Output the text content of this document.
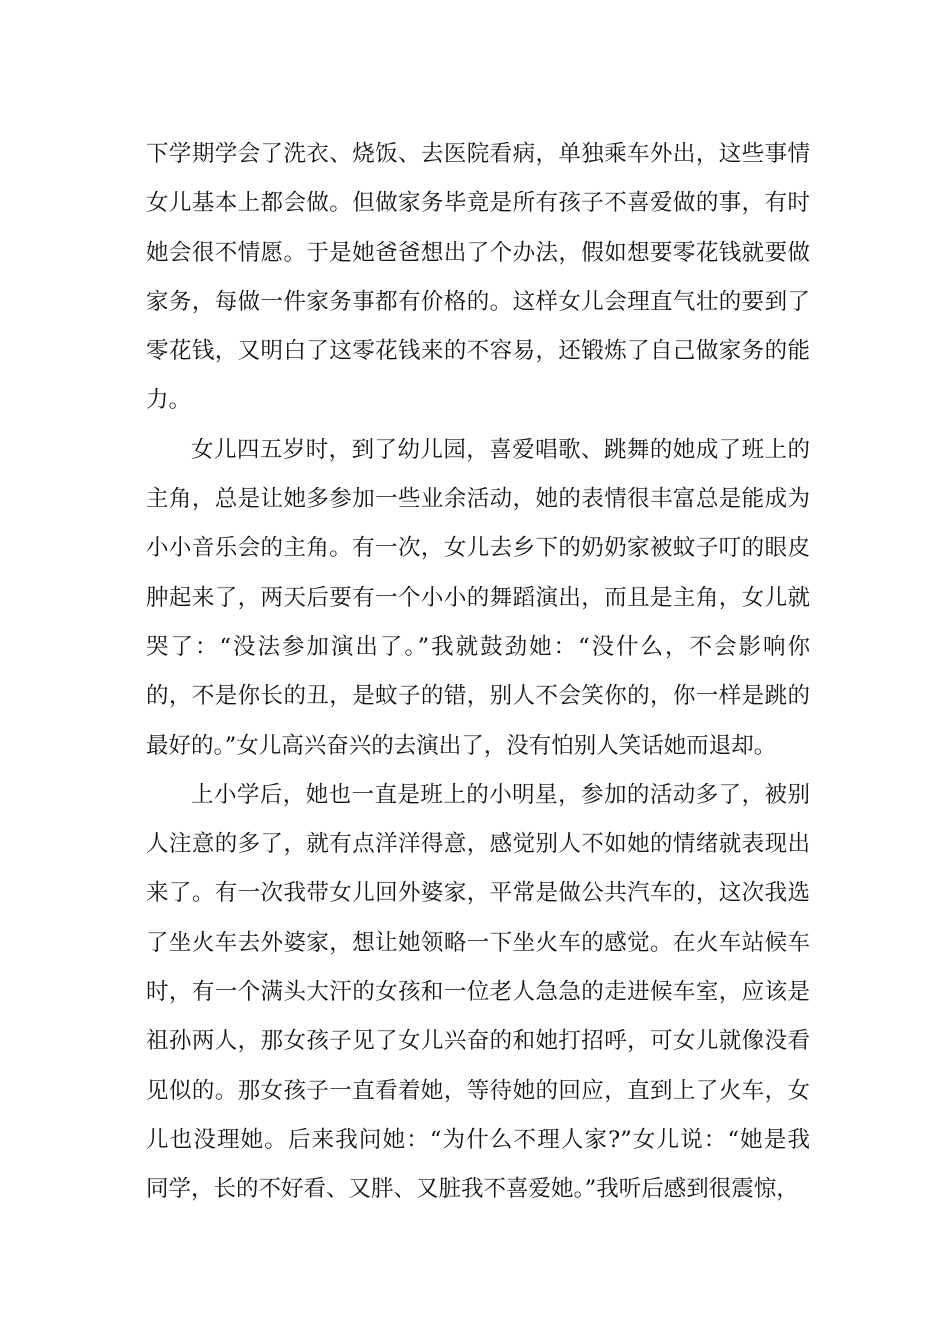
下学期学会了洗衣、烧饭、去医院看病，单独乘车外出，这些事情
女儿基本上都会做。但做家务毕竟是所有孩子不喜爱做的事，有时
她会很不情愿。于是她爸爸想出了个办法，假如想要零花钱就要做
家务，每做一件家务事都有价格的。这样女儿会理直气壮的要到了
零花钱，又明白了这零花钱来的不容易，还锻炼了自己做家务的能
力。
女儿四五岁时，到了幼儿园，喜爱唱歌、跳舞的她成了班上的
主角，总是让她多参加一些业余活动，她的表情很丰富总是能成为
小小音乐会的主角。有一次，女儿去乡下的奶奶家被蚊子叮的眼皮
肿起来了，两天后要有一个小小的舞蹈演出，而且是主角，女儿就
哭了：“没法参加演出了。”我就鼓劲她：“没什么，不会影响你
的，不是你长的丑，是蚊子的错，别人不会笑你的，你一样是跳的
最好的。”女儿高兴奋兴的去演出了，没有怕别人笑话她而退却。
上小学后，她也一直是班上的小明星，参加的活动多了，被别
人注意的多了，就有点洋洋得意，感觉别人不如她的情绪就表现出
来了。有一次我带女儿回外婆家，平常是做公共汽车的，这次我选
了坐火车去外婆家，想让她领略一下坐火车的感觉。在火车站候车
时，有一个满头大汗的女孩和一位老人急急的走进候车室，应该是
祖孙两人，那女孩子见了女儿兴奋的和她打招呼，可女儿就像没看
见似的。那女孩子一直看着她，等待她的回应，直到上了火车，女
儿也没理她。后来我问她：“为什么不理人家?”女儿说：“她是我
同学，长的不好看、又胖、又脏我不喜爱她。”我听后感到很震惊，
